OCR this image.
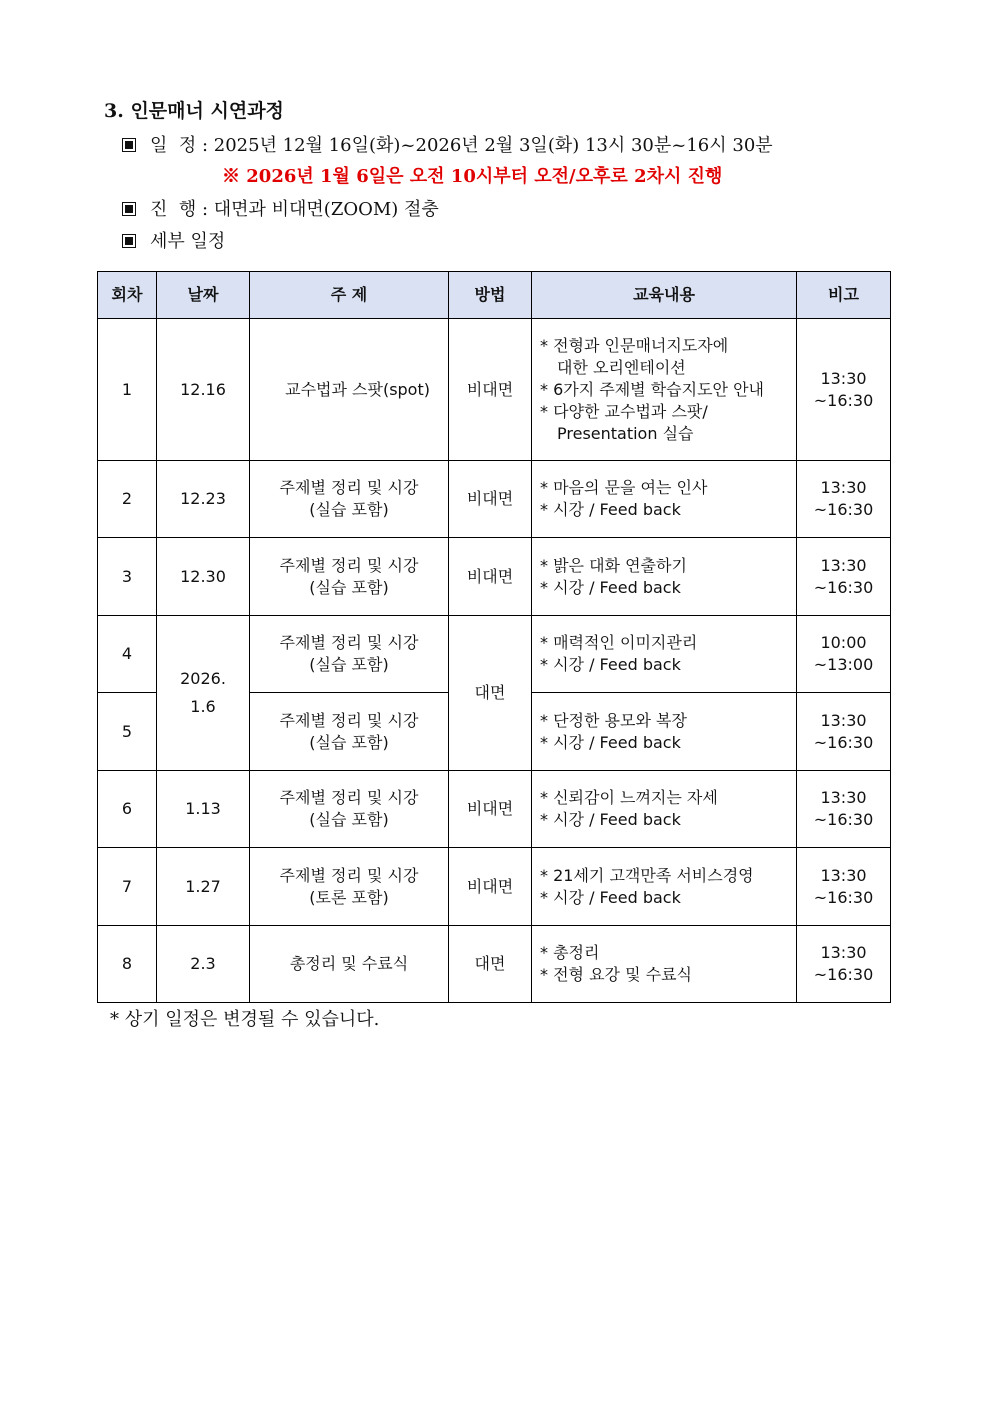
3. 인문매너 시연과정
일  정 : 2025년 12월 16일(화)~2026년 2월 3일(화) 13시 30분~16시 30분
※ 2026년 1월 6일은 오전 10시부터 오전/오후로 2차시 진행
진  행 : 대면과 비대면(ZOOM) 절충
세부 일정
회차	날짜	주 제	방법	교육내용	비고
1	12.16	교수법과 스팟(spot)	비대면	* 전형과 인문매너지도자에
대한 오리엔테이션
* 6가지 주제별 학습지도안 안내
* 다양한 교수법과 스팟/
Presentation 실습	13:30
~16:30

2	12.23	주제별 정리 및 시강
(실습 포함)	비대면	* 마음의 문을 여는 인사
* 시강 / Feed back	13:30
~16:30

3	12.30	주제별 정리 및 시강
(실습 포함)	비대면	* 밝은 대화 연출하기
* 시강 / Feed back	13:30
~16:30

4	2026.
1.6	주제별 정리 및 시강
(실습 포함)	대면	* 매력적인 이미지관리
* 시강 / Feed back	10:00
~13:00

5		주제별 정리 및 시강
(실습 포함)		* 단정한 용모와 복장
* 시강 / Feed back	13:30
~16:30

6	1.13	주제별 정리 및 시강
(실습 포함)	비대면	* 신뢰감이 느껴지는 자세
* 시강 / Feed back	13:30
~16:30

7	1.27	주제별 정리 및 시강
(토론 포함)	비대면	* 21세기 고객만족 서비스경영
* 시강 / Feed back	13:30
~16:30

8	2.3	총정리 및 수료식	대면	* 총정리
* 전형 요강 및 수료식	13:30
~16:30
* 상기 일정은 변경될 수 있습니다.
